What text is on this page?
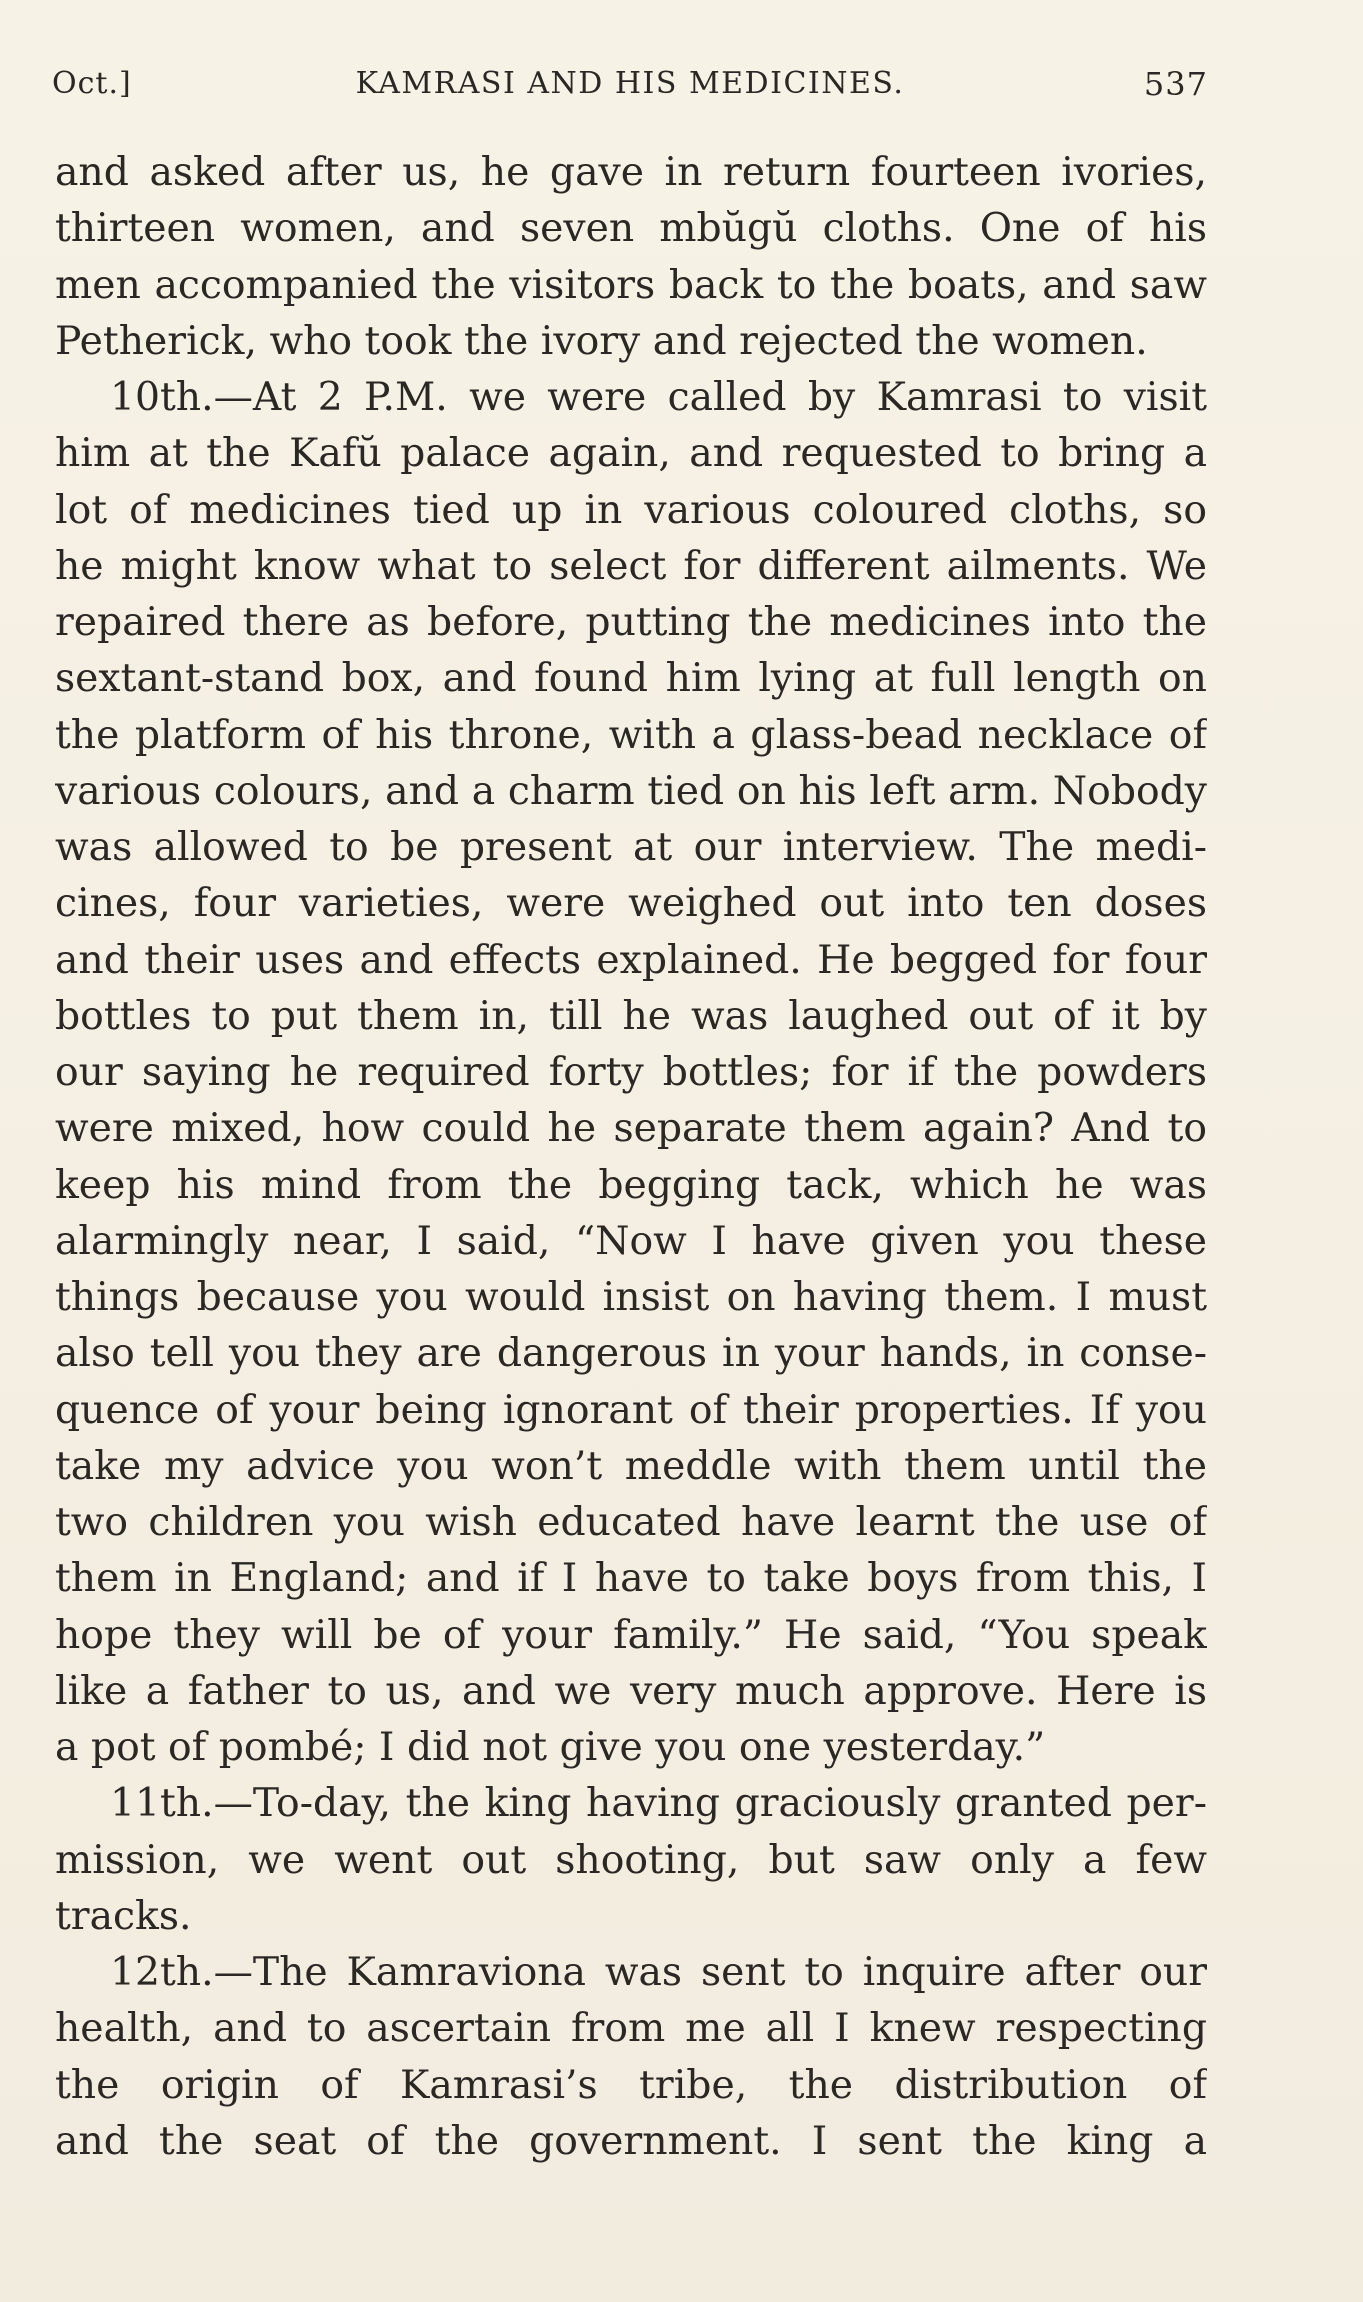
Oct.]	KAMRASI AND HIS MEDICINES.	537
and asked after us, he gave in return fourteen ivories,
thirteen women, and seven mbŭgŭ cloths. One of his
men accompanied the visitors back to the boats, and saw
Petherick, who took the ivory and rejected the women.
10th.—At 2 P.M. we were called by Kamrasi to visit
him at the Kafŭ palace again, and requested to bring a
lot of medicines tied up in various coloured cloths, so
he might know what to select for different ailments. We
repaired there as before, putting the medicines into the
sextant-stand box, and found him lying at full length on
the platform of his throne, with a glass-bead necklace of
various colours, and a charm tied on his left arm. Nobody
was allowed to be present at our interview. The medi-
cines, four varieties, were weighed out into ten doses
and their uses and effects explained. He begged for four
bottles to put them in, till he was laughed out of it by
our saying he required forty bottles; for if the powders
were mixed, how could he separate them again? And to
keep his mind from the begging tack, which he was
alarmingly near, I said, “Now I have given you these
things because you would insist on having them. I must
also tell you they are dangerous in your hands, in conse-
quence of your being ignorant of their properties. If you
take my advice you won’t meddle with them until the
two children you wish educated have learnt the use of
them in England; and if I have to take boys from this, I
hope they will be of your family.” He said, “You speak
like a father to us, and we very much approve. Here is
a pot of pombé; I did not give you one yesterday.”
11th.—To-day, the king having graciously granted per-
mission, we went out shooting, but saw only a few
tracks.
12th.—The Kamraviona was sent to inquire after our
health, and to ascertain from me all I knew respecting
the origin of Kamrasi’s tribe, the distribution of
and the seat of the government. I sent the king a
